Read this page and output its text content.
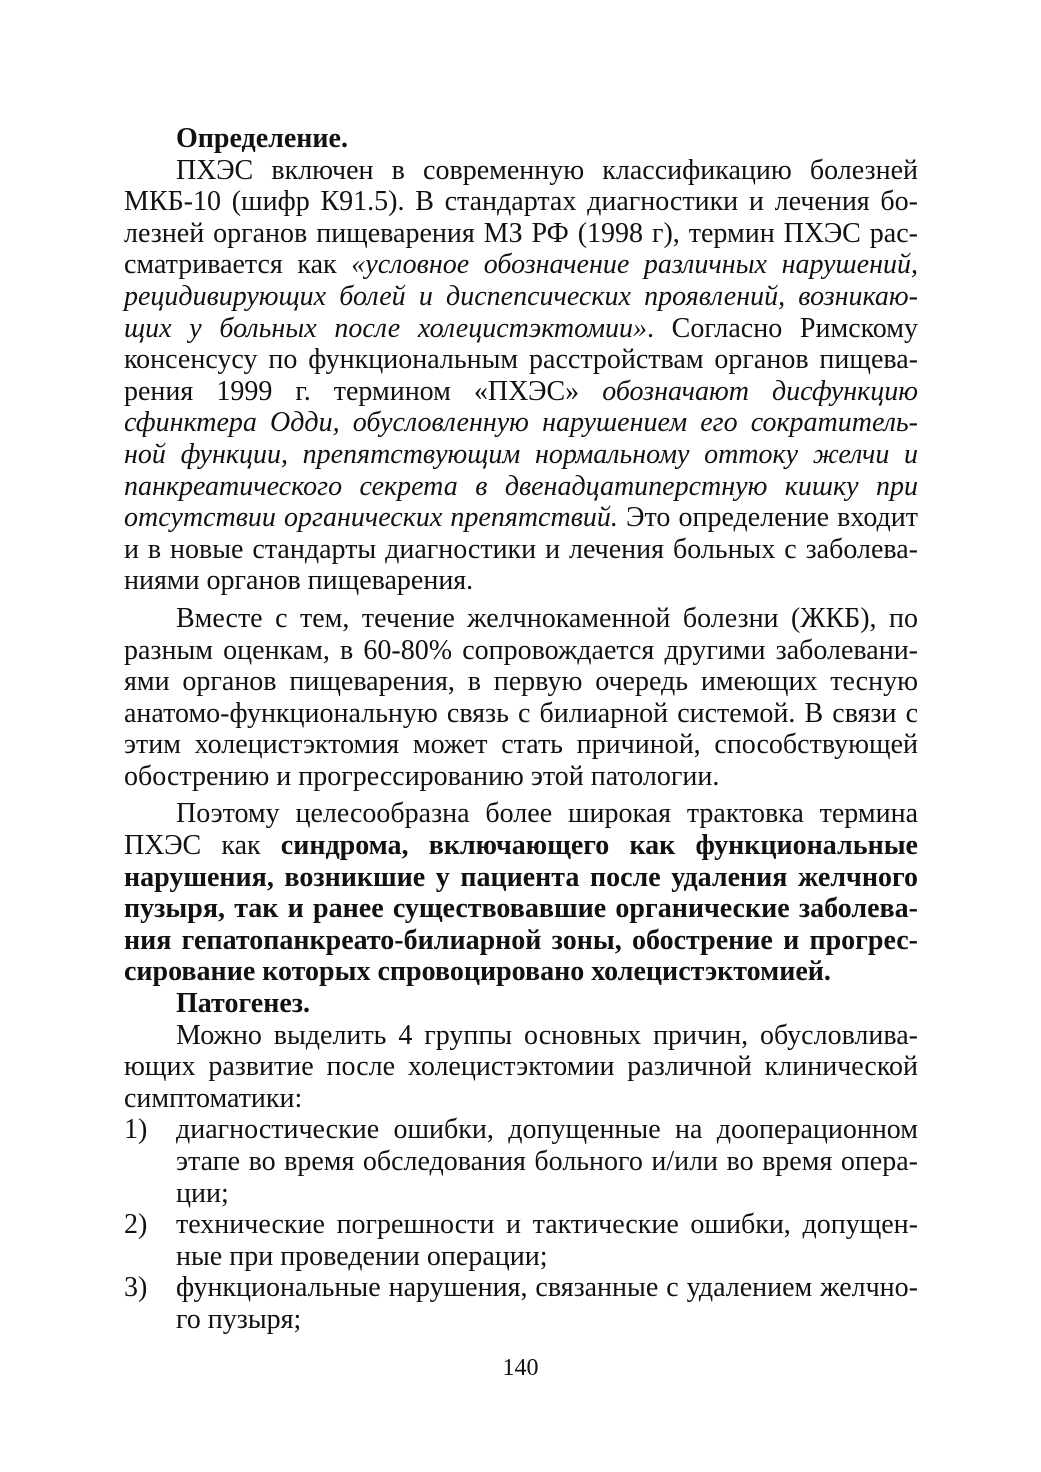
Определение.

ПХЭС включен в современную классификацию болезней МКБ-10 (шифр К91.5). В стандартах диагностики и лечения болезней органов пищеварения МЗ РФ (1998 г), термин ПХЭС рассматривается как «условное обозначение различных нарушений, рецидивирующих болей и диспепсических проявлений, возникающих у больных после холецистэктомии». Согласно Римскому консенсусу по функциональным расстройствам органов пищеварения 1999 г. термином «ПХЭС» обозначают дисфункцию сфинктера Одди, обусловленную нарушением его сократительной функции, препятствующим нормальному оттоку желчи и панкреатического секрета в двенадцатиперстную кишку при отсутствии органических препятствий. Это определение входит и в новые стандарты диагностики и лечения больных с заболеваниями органов пищеварения.

Вместе с тем, течение желчнокаменной болезни (ЖКБ), по разным оценкам, в 60-80% сопровождается другими заболеваниями органов пищеварения, в первую очередь имеющих тесную анатомо-функциональную связь с билиарной системой. В связи с этим холецистэктомия может стать причиной, способствующей обострению и прогрессированию этой патологии.

Поэтому целесообразна более широкая трактовка термина ПХЭС как синдрома, включающего как функциональные нарушения, возникшие у пациента после удаления желчного пузыря, так и ранее существовавшие органические заболевания гепатопанкреато-билиарной зоны, обострение и прогрессирование которых спровоцировано холецистэктомией.

Патогенез.

Можно выделить 4 группы основных причин, обусловливающих развитие после холецистэктомии различной клинической симптоматики:

1) диагностические ошибки, допущенные на дооперационном этапе во время обследования больного и/или во время операции;
2) технические погрешности и тактические ошибки, допущенные при проведении операции;
3) функциональные нарушения, связанные с удалением желчного пузыря;
140
